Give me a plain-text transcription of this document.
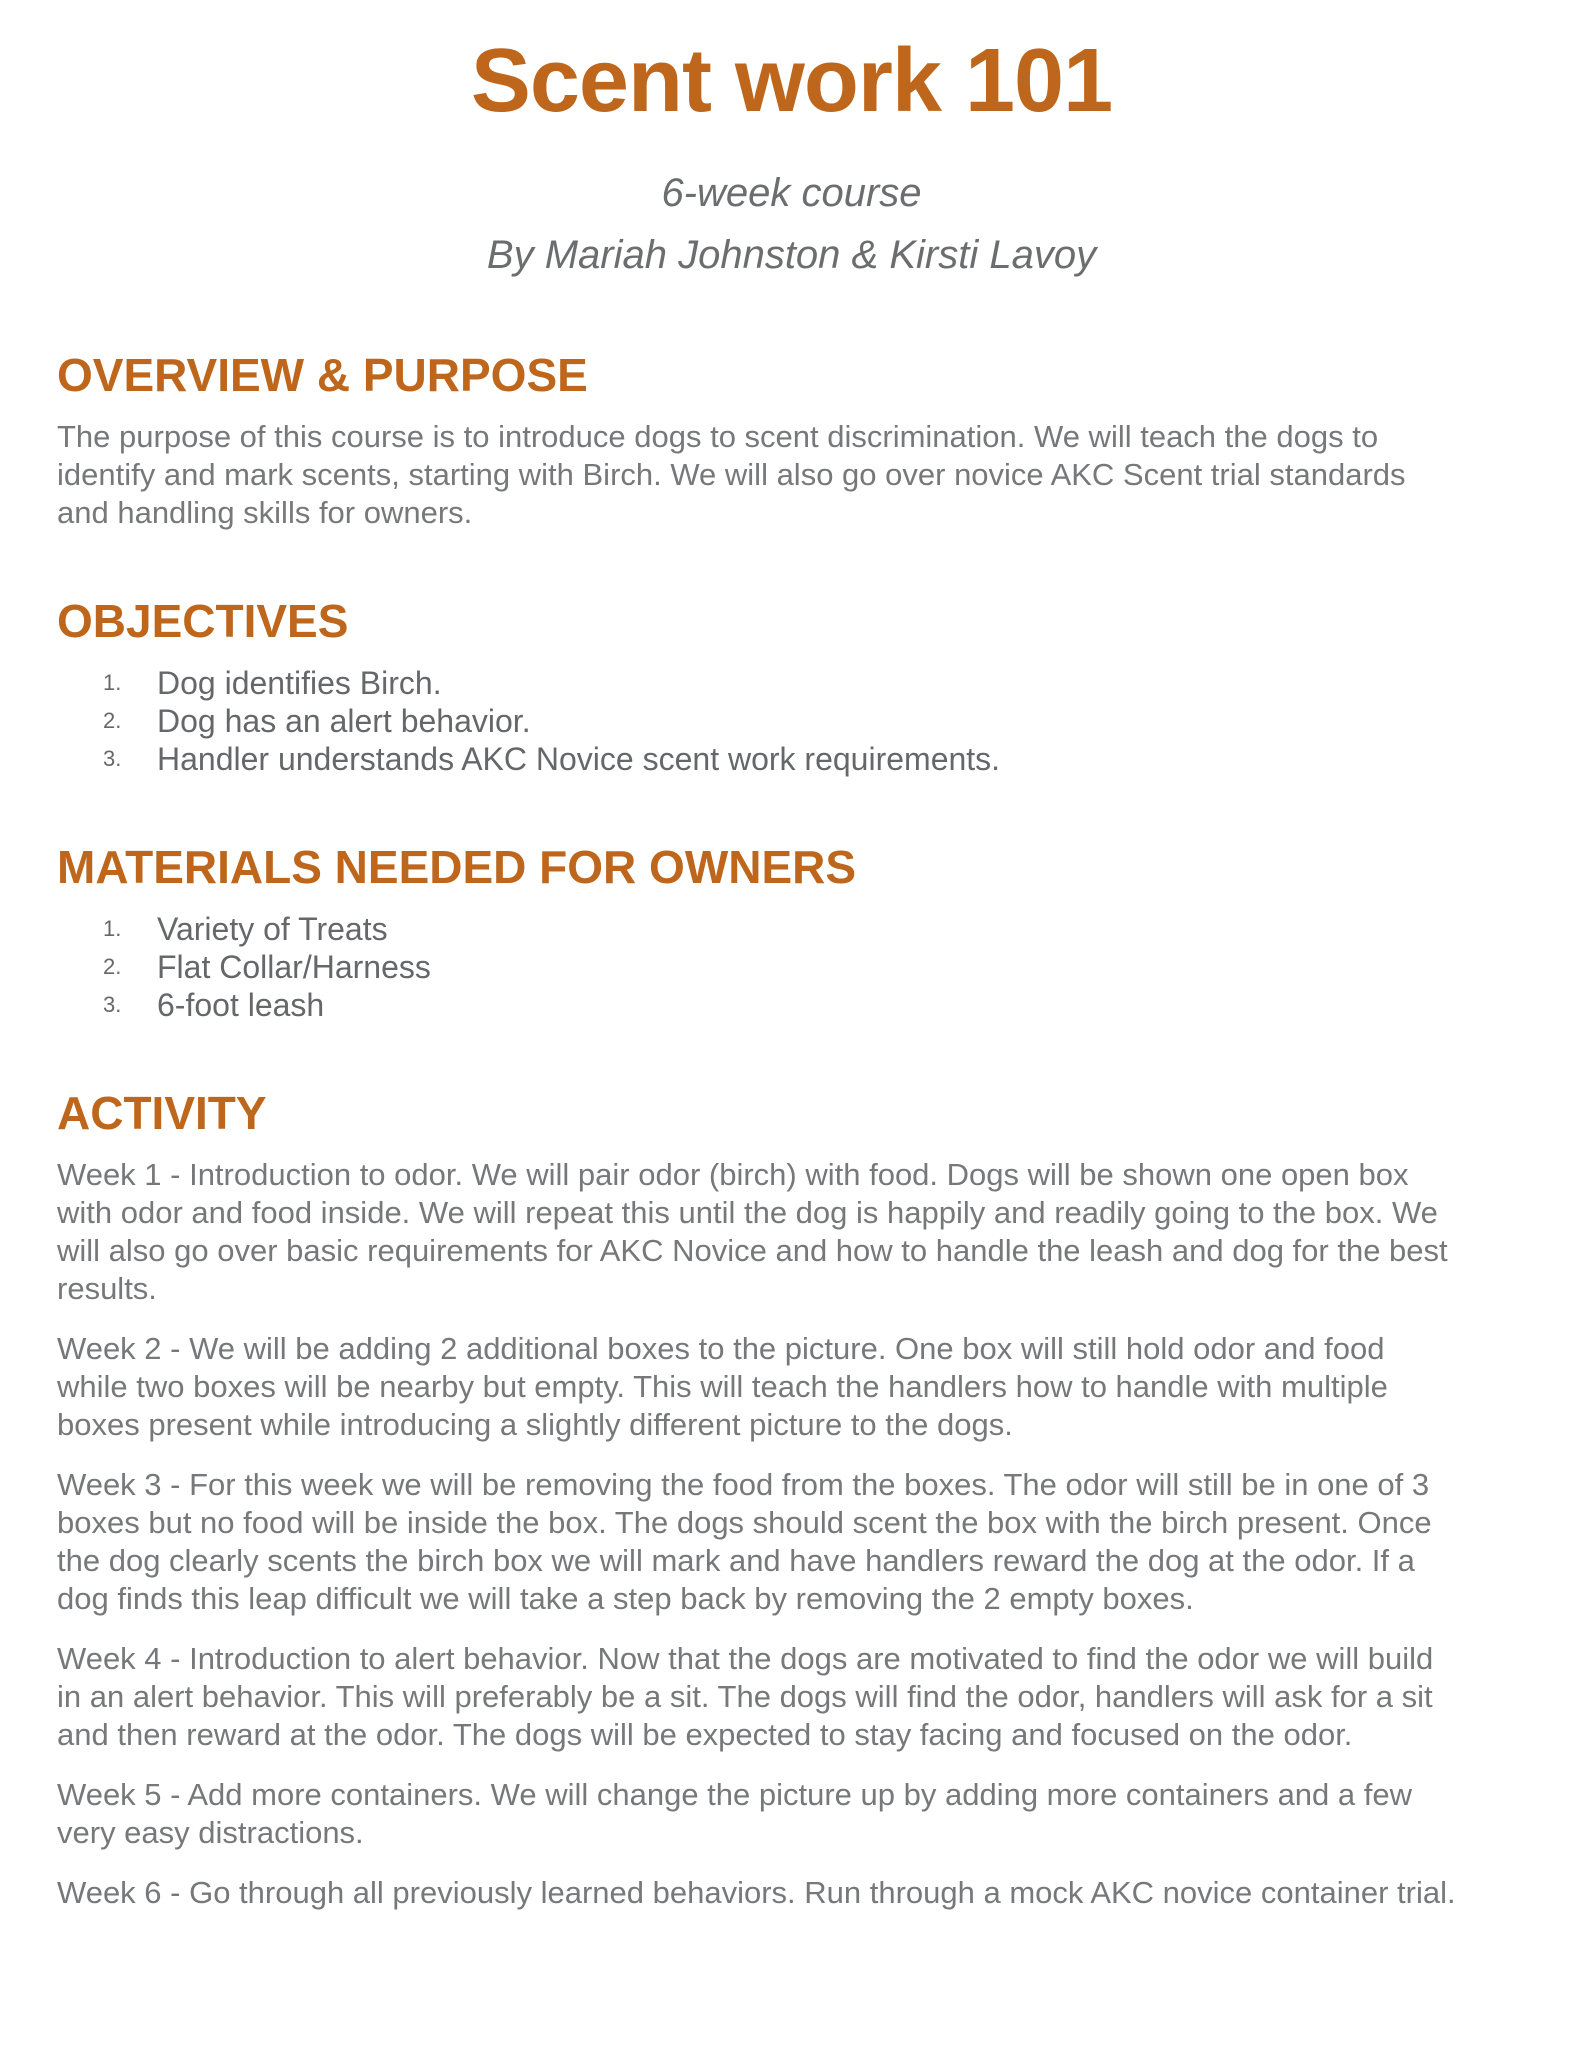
Scent work 101

6-week course

By Mariah Johnston & Kirsti Lavoy

OVERVIEW & PURPOSE

The purpose of this course is to introduce dogs to scent discrimination. We will teach the dogs to identify and mark scents, starting with Birch. We will also go over novice AKC Scent trial standards and handling skills for owners.

OBJECTIVES
1. Dog identifies Birch.
2. Dog has an alert behavior.
3. Handler understands AKC Novice scent work requirements.
MATERIALS NEEDED FOR OWNERS
1. Variety of Treats
2. Flat Collar/Harness
3. 6-foot leash
ACTIVITY

Week 1 - Introduction to odor. We will pair odor (birch) with food. Dogs will be shown one open box with odor and food inside. We will repeat this until the dog is happily and readily going to the box. We will also go over basic requirements for AKC Novice and how to handle the leash and dog for the best results.

Week 2 - We will be adding 2 additional boxes to the picture. One box will still hold odor and food while two boxes will be nearby but empty. This will teach the handlers how to handle with multiple boxes present while introducing a slightly different picture to the dogs.

Week 3 - For this week we will be removing the food from the boxes. The odor will still be in one of 3 boxes but no food will be inside the box. The dogs should scent the box with the birch present. Once the dog clearly scents the birch box we will mark and have handlers reward the dog at the odor. If a dog finds this leap difficult we will take a step back by removing the 2 empty boxes.

Week 4 - Introduction to alert behavior. Now that the dogs are motivated to find the odor we will build in an alert behavior. This will preferably be a sit. The dogs will find the odor, handlers will ask for a sit and then reward at the odor. The dogs will be expected to stay facing and focused on the odor.

Week 5 - Add more containers. We will change the picture up by adding more containers and a few very easy distractions.

Week 6 - Go through all previously learned behaviors. Run through a mock AKC novice container trial.
